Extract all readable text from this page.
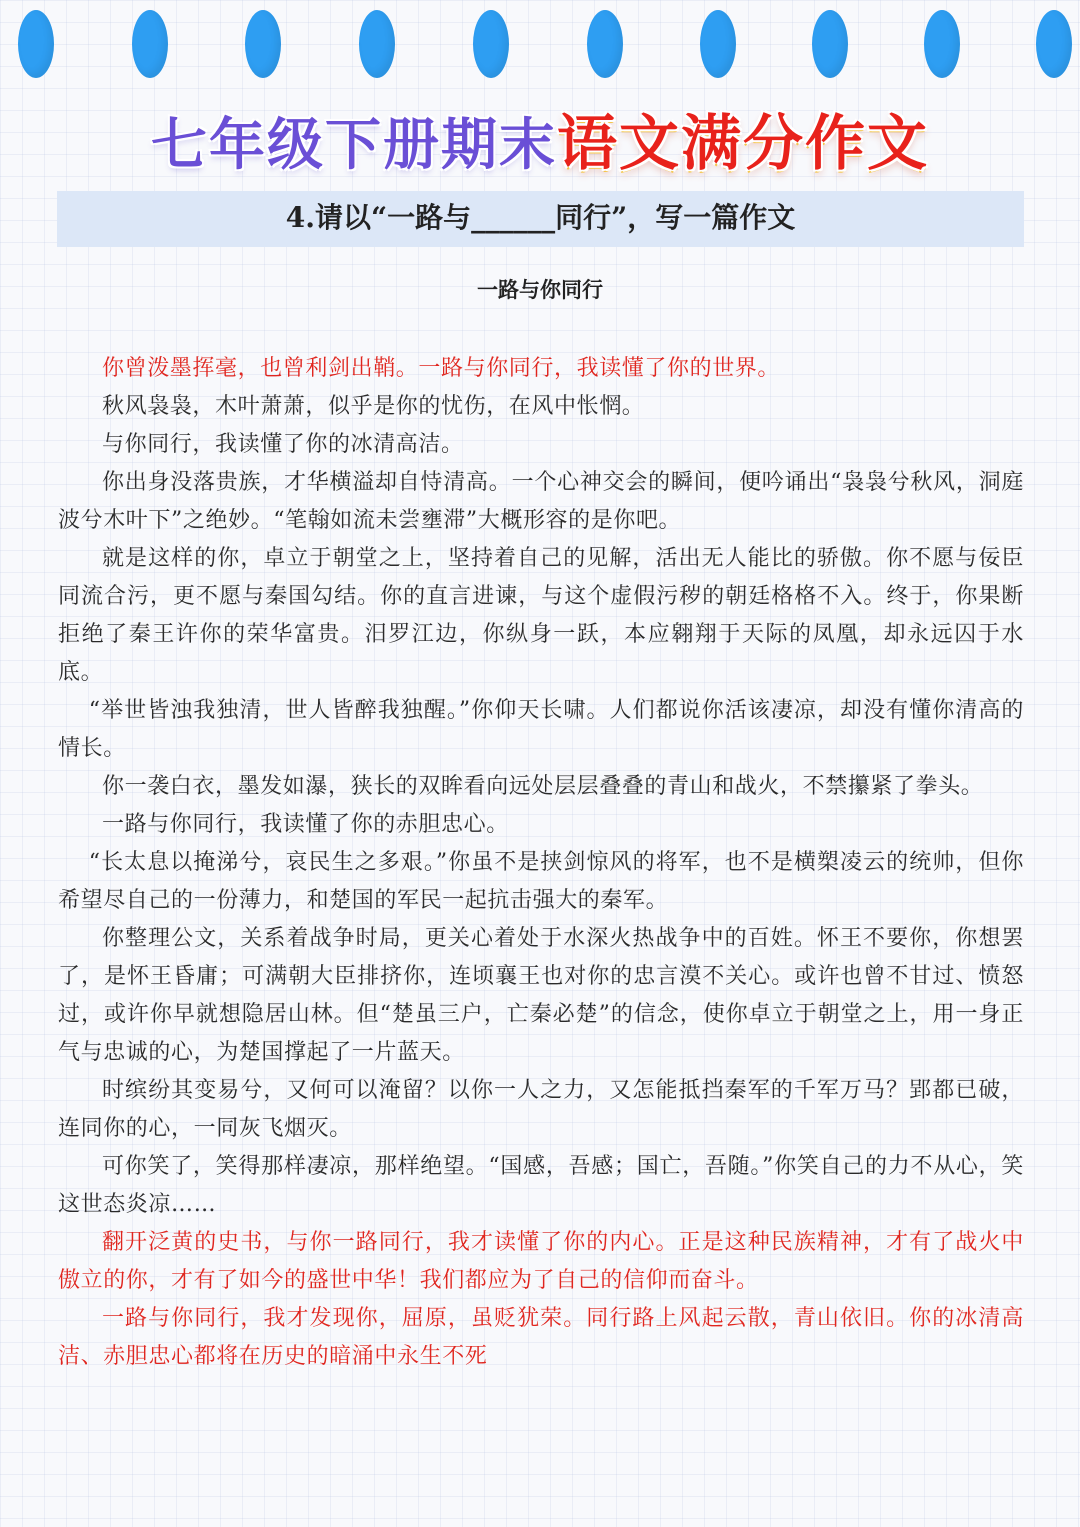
七年级下册期末语文满分作文
4.请以“一路与______同行”，写一篇作文
一路与你同行

你曾泼墨挥毫，也曾利剑出鞘。一路与你同行，我读懂了你的世界。

秋风袅袅，木叶萧萧，似乎是你的忧伤，在风中怅惘。

与你同行，我读懂了你的冰清高洁。

你出身没落贵族，才华横溢却自恃清高。一个心神交会的瞬间，便吟诵出“袅袅兮秋风，洞庭波兮木叶下”之绝妙。“笔翰如流未尝壅滞”大概形容的是你吧。

就是这样的你，卓立于朝堂之上，坚持着自己的见解，活出无人能比的骄傲。你不愿与佞臣同流合污，更不愿与秦国勾结。你的直言进谏，与这个虚假污秽的朝廷格格不入。终于，你果断拒绝了秦王许你的荣华富贵。汨罗江边，你纵身一跃，本应翱翔于天际的凤凰，却永远囚于水底。

“举世皆浊我独清，世人皆醉我独醒。”你仰天长啸。人们都说你活该凄凉，却没有懂你清高的情长。

你一袭白衣，墨发如瀑，狭长的双眸看向远处层层叠叠的青山和战火，不禁攥紧了拳头。

一路与你同行，我读懂了你的赤胆忠心。

“长太息以掩涕兮，哀民生之多艰。”你虽不是挟剑惊风的将军，也不是横槊凌云的统帅，但你希望尽自己的一份薄力，和楚国的军民一起抗击强大的秦军。

你整理公文，关系着战争时局，更关心着处于水深火热战争中的百姓。怀王不要你，你想罢了，是怀王昏庸；可满朝大臣排挤你，连顷襄王也对你的忠言漠不关心。或许也曾不甘过、愤怒过，或许你早就想隐居山林。但“楚虽三户，亡秦必楚”的信念，使你卓立于朝堂之上，用一身正气与忠诚的心，为楚国撑起了一片蓝天。

时缤纷其变易兮，又何可以淹留？以你一人之力，又怎能抵挡秦军的千军万马？郢都已破，连同你的心，一同灰飞烟灭。

可你笑了，笑得那样凄凉，那样绝望。“国感，吾感；国亡，吾随。”你笑自己的力不从心，笑这世态炎凉……

翻开泛黄的史书，与你一路同行，我才读懂了你的内心。正是这种民族精神，才有了战火中傲立的你，才有了如今的盛世中华！我们都应为了自己的信仰而奋斗。

一路与你同行，我才发现你，屈原，虽贬犹荣。同行路上风起云散，青山依旧。你的冰清高洁、赤胆忠心都将在历史的暗涌中永生不死
